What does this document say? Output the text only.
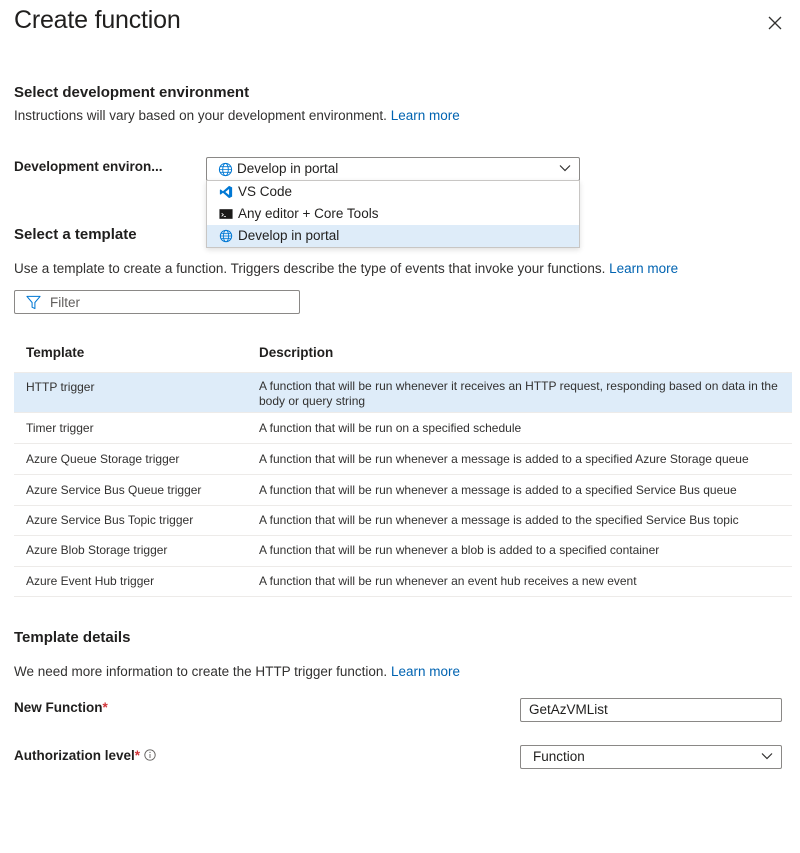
Create function
Select development environment
Instructions will vary based on your development environment. Learn more
Development environ...	Develop in portal
VS Code
Any editor + Core Tools
Develop in portal
Select a template
Use a template to create a function. Triggers describe the type of events that invoke your functions. Learn more
Filter
Template	Description
HTTP trigger	A function that will be run whenever it receives an HTTP request, responding based on data in the body or query string
Timer trigger	A function that will be run on a specified schedule
Azure Queue Storage trigger	A function that will be run whenever a message is added to a specified Azure Storage queue
Azure Service Bus Queue trigger	A function that will be run whenever a message is added to a specified Service Bus queue
Azure Service Bus Topic trigger	A function that will be run whenever a message is added to the specified Service Bus topic
Azure Blob Storage trigger	A function that will be run whenever a blob is added to a specified container
Azure Event Hub trigger	A function that will be run whenever an event hub receives a new event
Template details
We need more information to create the HTTP trigger function. Learn more
New Function*	GetAzVMList
Authorization level*	Function
